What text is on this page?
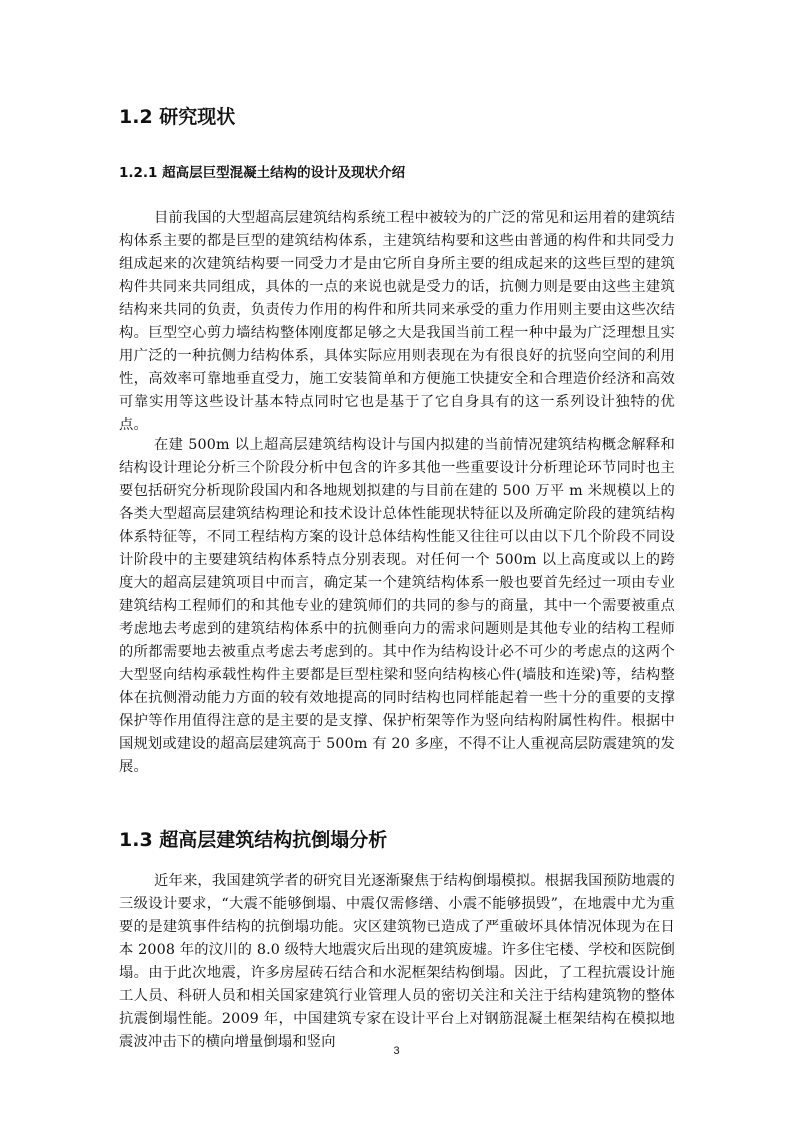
1.2 研究现状
1.2.1 超高层巨型混凝土结构的设计及现状介绍

目前我国的大型超高层建筑结构系统工程中被较为的广泛的常见和运用着的建筑结构体系主要的都是巨型的建筑结构体系，主建筑结构要和这些由普通的构件和共同受力组成起来的次建筑结构要一同受力才是由它所自身所主要的组成起来的这些巨型的建筑构件共同来共同组成，具体的一点的来说也就是受力的话，抗侧力则是要由这些主建筑结构来共同的负责，负责传力作用的构件和所共同来承受的重力作用则主要由这些次结构。巨型空心剪力墙结构整体刚度都足够之大是我国当前工程一种中最为广泛理想且实用广泛的一种抗侧力结构体系，具体实际应用则表现在为有很良好的抗竖向空间的利用性，高效率可靠地垂直受力，施工安装简单和方便施工快捷安全和合理造价经济和高效可靠实用等这些设计基本特点同时它也是基于了它自身具有的这一系列设计独特的优点。

在建 500m 以上超高层建筑结构设计与国内拟建的当前情况建筑结构概念解释和结构设计理论分析三个阶段分析中包含的许多其他一些重要设计分析理论环节同时也主要包括研究分析现阶段国内和各地规划拟建的与目前在建的 500 万平 m 米规模以上的各类大型超高层建筑结构理论和技术设计总体性能现状特征以及所确定阶段的建筑结构体系特征等，不同工程结构方案的设计总体结构性能又往往可以由以下几个阶段不同设计阶段中的主要建筑结构体系特点分别表现。对任何一个 500m 以上高度或以上的跨度大的超高层建筑项目中而言，确定某一个建筑结构体系一般也要首先经过一项由专业建筑结构工程师们的和其他专业的建筑师们的共同的参与的商量，其中一个需要被重点考虑地去考虑到的建筑结构体系中的抗侧垂向力的需求问题则是其他专业的结构工程师的所都需要地去被重点考虑去考虑到的。其中作为结构设计必不可少的考虑点的这两个大型竖向结构承载性构件主要都是巨型柱梁和竖向结构核心件(墙肢和连梁)等，结构整体在抗侧滑动能力方面的较有效地提高的同时结构也同样能起着一些十分的重要的支撑保护等作用值得注意的是主要的是支撑、保护桁架等作为竖向结构附属性构件。根据中国规划或建设的超高层建筑高于 500m 有 20 多座，不得不让人重视高层防震建筑的发展。

1.3 超高层建筑结构抗倒塌分析

近年来，我国建筑学者的研究目光逐渐聚焦于结构倒塌模拟。根据我国预防地震的三级设计要求，“大震不能够倒塌、中震仅需修缮、小震不能够损毁”，在地震中尤为重要的是建筑事件结构的抗倒塌功能。灾区建筑物已造成了严重破坏具体情况体现为在日本 2008 年的汶川的 8.0 级特大地震灾后出现的建筑废墟。许多住宅楼、学校和医院倒塌。由于此次地震，许多房屋砖石结合和水泥框架结构倒塌。因此，了工程抗震设计施工人员、科研人员和相关国家建筑行业管理人员的密切关注和关注于结构建筑物的整体抗震倒塌性能。2009 年，中国建筑专家在设计平台上对钢筋混凝土框架结构在模拟地震波冲击下的横向增量倒塌和竖向

3
